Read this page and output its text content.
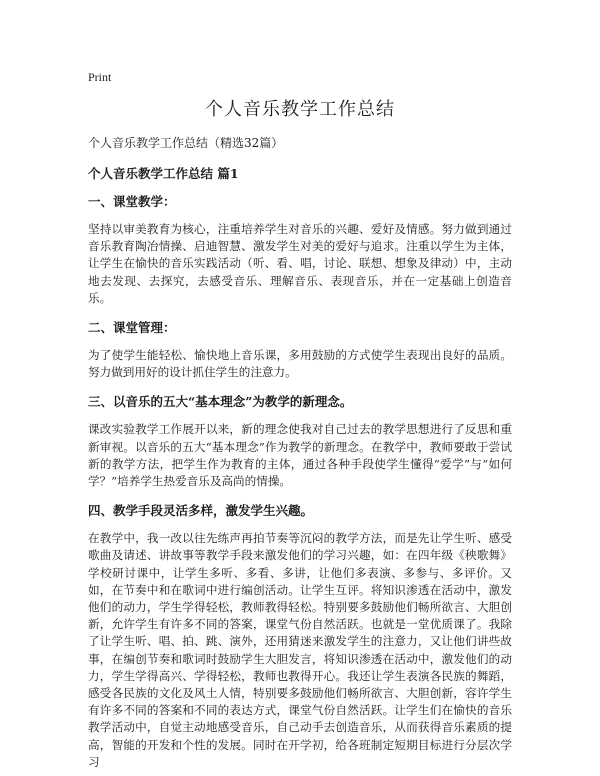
Print
个人音乐教学工作总结

个人音乐教学工作总结（精选32篇）

个人音乐教学工作总结 篇1
一、课堂教学：

坚持以审美教育为核心，注重培养学生对音乐的兴趣、爱好及情感。努力做到通过音乐教育陶冶情操、启迪智慧、激发学生对美的爱好与追求。注重以学生为主体，让学生在愉快的音乐实践活动（听、看、唱，讨论、联想、想象及律动）中，主动地去发现、去探究，去感受音乐、理解音乐、表现音乐，并在一定基础上创造音乐。

二、课堂管理：

为了使学生能轻松、愉快地上音乐课，多用鼓励的方式使学生表现出良好的品质。努力做到用好的设计抓住学生的注意力。

三、以音乐的五大“基本理念”为教学的新理念。

课改实验教学工作展开以来，新的理念使我对自己过去的教学思想进行了反思和重新审视。以音乐的五大“基本理念”作为教学的新理念。在教学中，教师要敢于尝试新的教学方法，把学生作为教育的主体，通过各种手段使学生懂得“爱学”与“如何学？”培养学生热爱音乐及高尚的情操。

四、教学手段灵活多样，激发学生兴趣。

在教学中，我一改以往先练声再拍节奏等沉闷的教学方法，而是先让学生听、感受歌曲及请述、讲故事等教学手段来激发他们的学习兴趣，如：在四年级《秧歌舞》学校研讨课中，让学生多听、多看、多讲，让他们多表演、多参与、多评价。又如，在节奏中和在歌词中进行编创活动。让学生互评。将知识渗透在活动中，激发他们的动力，学生学得轻松，教师教得轻松。特别要多鼓励他们畅所欲言、大胆创新，允许学生有许多不同的答案，课堂气份自然活跃。也就是一堂优质课了。我除了让学生听、唱、拍、跳、演外，还用猜迷来激发学生的注意力，又让他们讲些故事，在编创节奏和歌词时鼓励学生大胆发言，将知识渗透在活动中，激发他们的动力，学生学得高兴、学得轻松，教师也教得开心。我还让学生表演各民族的舞蹈，感受各民族的文化及风土人情，特别要多鼓励他们畅所欲言、大胆创新，容许学生有许多不同的答案和不同的表达方式，课堂气份自然活跃。让学生们在愉快的音乐教学活动中，自觉主动地感受音乐，自己动手去创造音乐，从而获得音乐素质的提高，智能的开发和个性的发展。同时在开学初，给各班制定短期目标进行分层次学习
